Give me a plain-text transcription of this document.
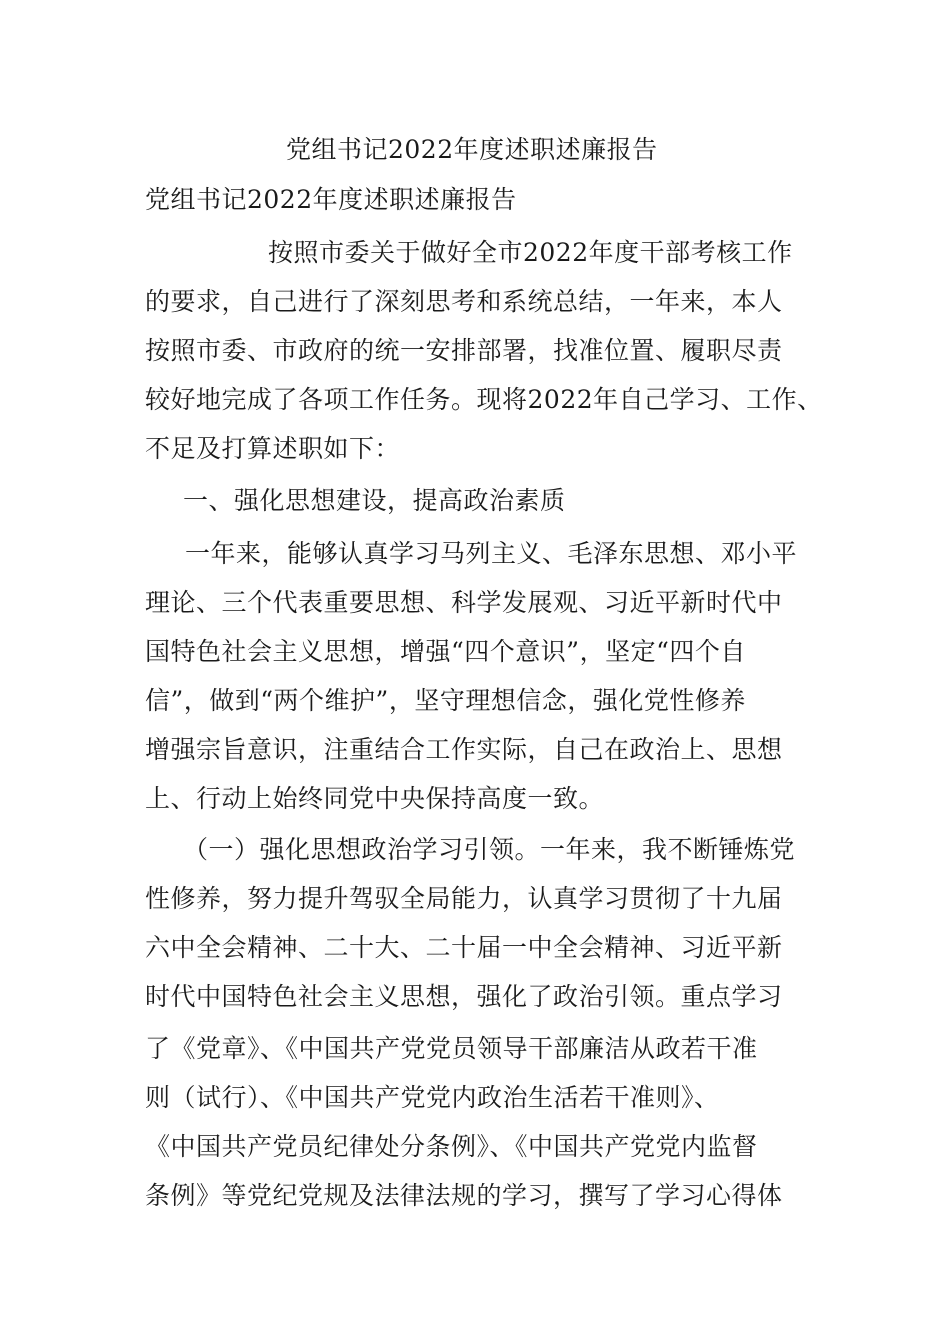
党组书记2022年度述职述廉报告
党组书记2022年度述职述廉报告
按照市委关于做好全市2022年度干部考核工作
的要求，自己进行了深刻思考和系统总结，一年来，本人
按照市委、市政府的统一安排部署，找准位置、履职尽责
较好地完成了各项工作任务。现将2022年自己学习、工作、
不足及打算述职如下：
一、强化思想建设，提高政治素质
一年来，能够认真学习马列主义、毛泽东思想、邓小平
理论、三个代表重要思想、科学发展观、习近平新时代中
国特色社会主义思想，增强“四个意识”，坚定“四个自
信”，做到“两个维护”，坚守理想信念，强化党性修养
增强宗旨意识，注重结合工作实际，自己在政治上、思想
上、行动上始终同党中央保持高度一致。
（一）强化思想政治学习引领。一年来，我不断锤炼党
性修养，努力提升驾驭全局能力，认真学习贯彻了十九届
六中全会精神、二十大、二十届一中全会精神、习近平新
时代中国特色社会主义思想，强化了政治引领。重点学习
了《党章》、《中国共产党党员领导干部廉洁从政若干准
则（试行）、《中国共产党党内政治生活若干准则》、
《中国共产党员纪律处分条例》、《中国共产党党内监督
条例》等党纪党规及法律法规的学习，撰写了学习心得体
